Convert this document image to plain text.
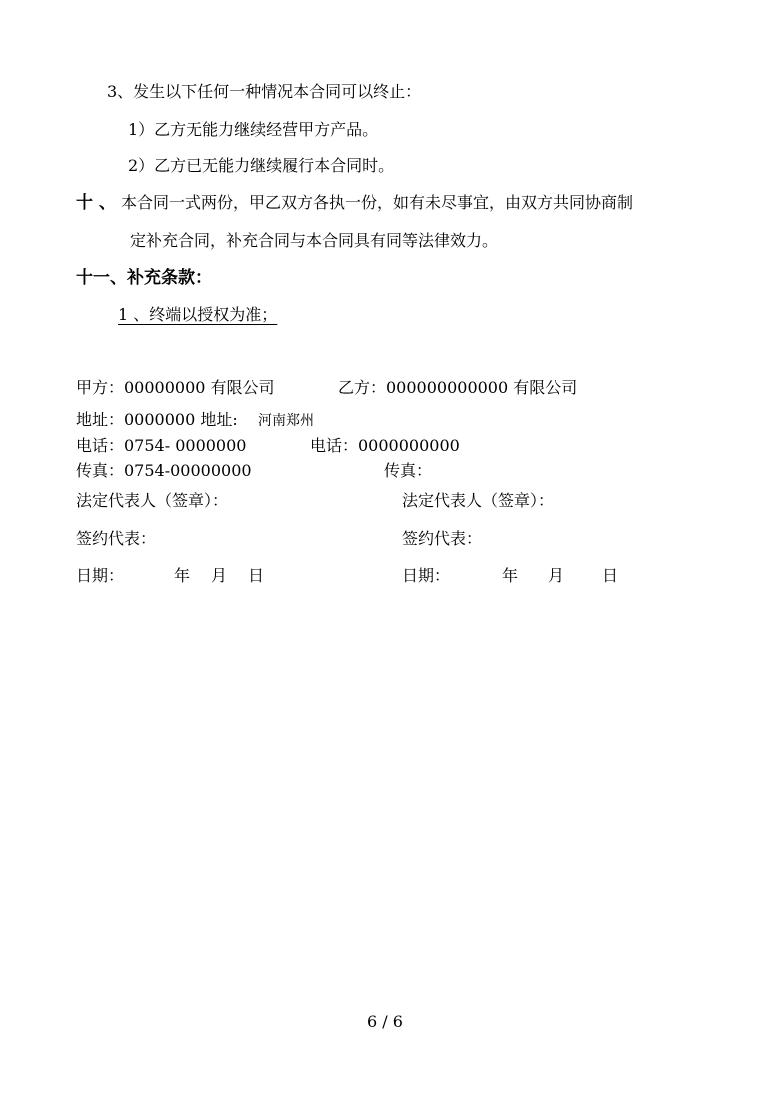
3、发生以下任何一种情况本合同可以终止：
1）乙方无能力继续经营甲方产品。
2）乙方已无能力继续履行本合同时。
十 、 本合同一式两份，甲乙双方各执一份，如有未尽事宜，由双方共同协商制
定补充合同，补充合同与本合同具有同等法律效力。
十一、补充条款：
1 、终端以授权为准；
甲方：00000000 有限公司	乙方：000000000000 有限公司
地址：0000000 地址: 河南郑州
电话：0754- 0000000	电话：0000000000
传真：0754-00000000	传真：
法定代表人（签章）：	法定代表人（签章）：
签约代表：	签约代表：
日期：	年 月 日	日期：	年 月 日
6 / 6
